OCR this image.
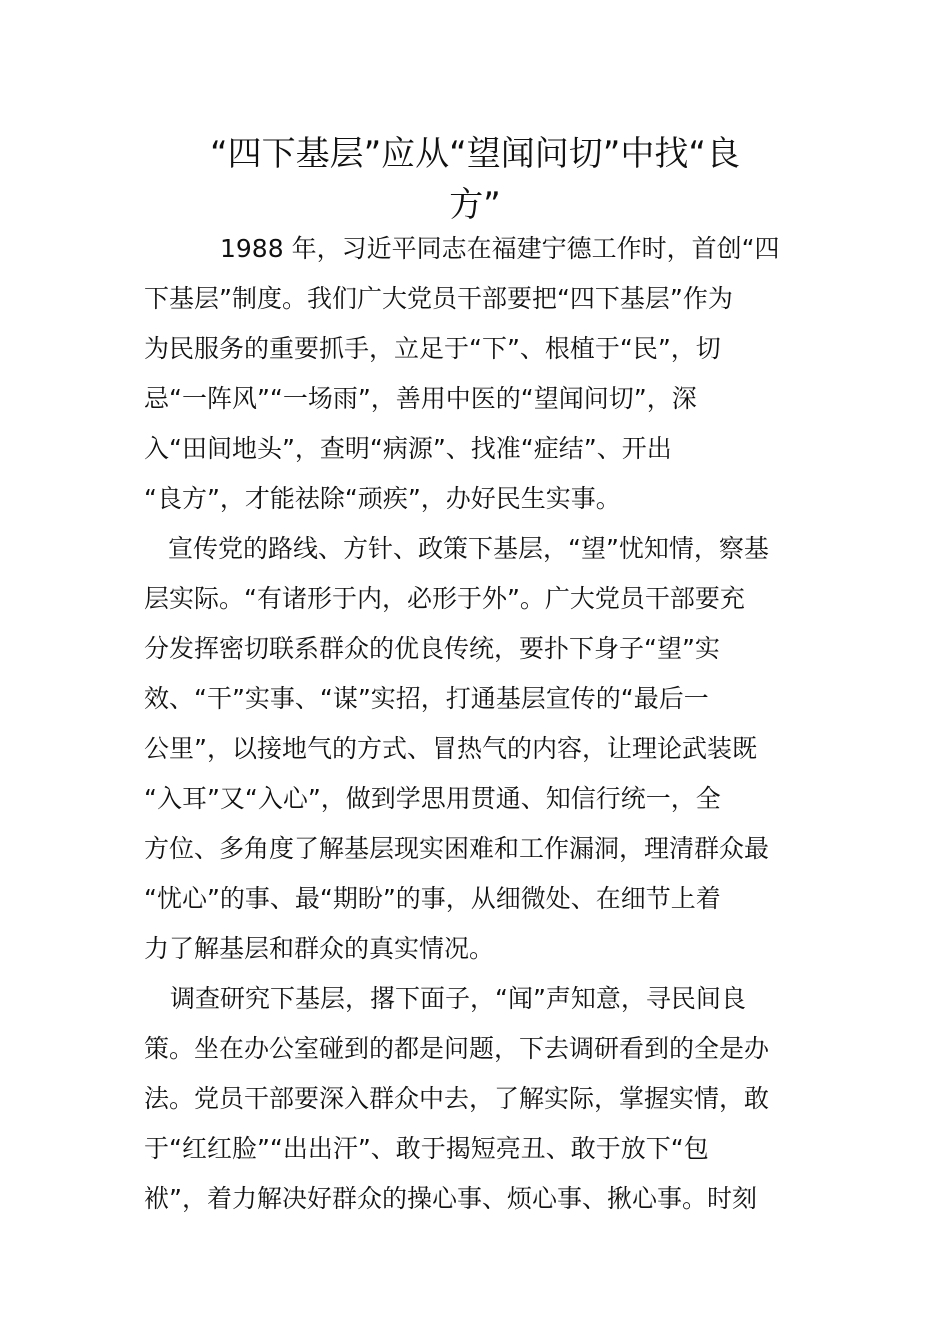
“四下基层”应从“望闻问切”中找“良
方”

1988 年，习近平同志在福建宁德工作时，首创“四

下基层”制度。我们广大党员干部要把“四下基层”作为

为民服务的重要抓手，立足于“下”、根植于“民”，切

忌“一阵风”“一场雨”，善用中医的“望闻问切”，深

入“田间地头”，查明“病源”、找准“症结”、开出

“良方”，才能祛除“顽疾”，办好民生实事。

宣传党的路线、方针、政策下基层，“望”忧知情，察基

层实际。“有诸形于内，必形于外”。广大党员干部要充

分发挥密切联系群众的优良传统，要扑下身子“望”实

效、“干”实事、“谋”实招，打通基层宣传的“最后一

公里”，以接地气的方式、冒热气的内容，让理论武装既

“入耳”又“入心”，做到学思用贯通、知信行统一，全

方位、多角度了解基层现实困难和工作漏洞，理清群众最

“忧心”的事、最“期盼”的事，从细微处、在细节上着

力了解基层和群众的真实情况。

调查研究下基层，撂下面子，“闻”声知意，寻民间良

策。坐在办公室碰到的都是问题，下去调研看到的全是办

法。党员干部要深入群众中去，了解实际，掌握实情，敢

于“红红脸”“出出汗”、敢于揭短亮丑、敢于放下“包

袱”，着力解决好群众的操心事、烦心事、揪心事。时刻
